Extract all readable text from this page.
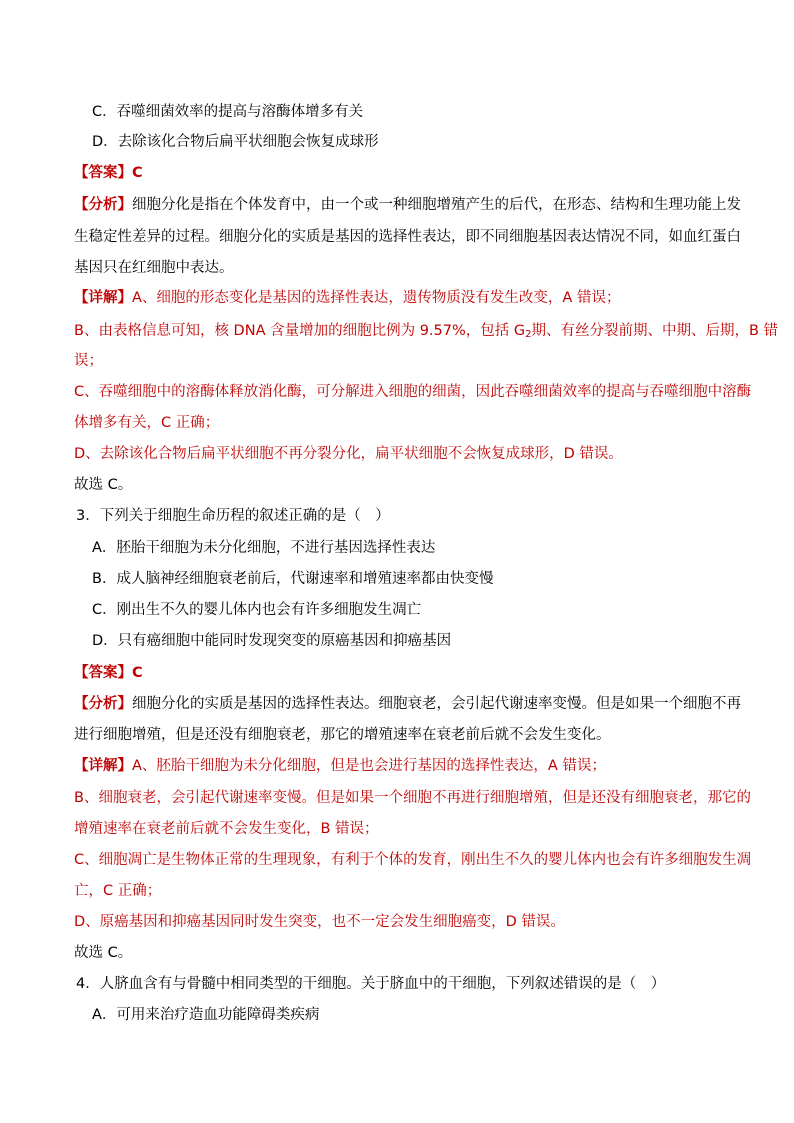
C．吞噬细菌效率的提高与溶酶体增多有关
D．去除该化合物后扁平状细胞会恢复成球形
【答案】C
【分析】细胞分化是指在个体发育中，由一个或一种细胞增殖产生的后代，在形态、结构和生理功能上发
生稳定性差异的过程。细胞分化的实质是基因的选择性表达，即不同细胞基因表达情况不同，如血红蛋白
基因只在红细胞中表达。
【详解】A、细胞的形态变化是基因的选择性表达，遗传物质没有发生改变，A 错误；
B、由表格信息可知，核 DNA 含量增加的细胞比例为 9.57%，包括 $G_2$期、有丝分裂前期、中期、后期，B 错
误；
C、吞噬细胞中的溶酶体释放消化酶，可分解进入细胞的细菌，因此吞噬细菌效率的提高与吞噬细胞中溶酶
体增多有关，C 正确；
D、去除该化合物后扁平状细胞不再分裂分化，扁平状细胞不会恢复成球形，D 错误。
故选 C。
3．下列关于细胞生命历程的叙述正确的是（　）
A．胚胎干细胞为未分化细胞，不进行基因选择性表达
B．成人脑神经细胞衰老前后，代谢速率和增殖速率都由快变慢
C．刚出生不久的婴儿体内也会有许多细胞发生凋亡
D．只有癌细胞中能同时发现突变的原癌基因和抑癌基因
【答案】C
【分析】细胞分化的实质是基因的选择性表达。细胞衰老，会引起代谢速率变慢。但是如果一个细胞不再
进行细胞增殖，但是还没有细胞衰老，那它的增殖速率在衰老前后就不会发生变化。
【详解】A、胚胎干细胞为未分化细胞，但是也会进行基因的选择性表达，A 错误；
B、细胞衰老，会引起代谢速率变慢。但是如果一个细胞不再进行细胞增殖，但是还没有细胞衰老，那它的
增殖速率在衰老前后就不会发生变化，B 错误；
C、细胞凋亡是生物体正常的生理现象，有利于个体的发育，刚出生不久的婴儿体内也会有许多细胞发生凋
亡，C 正确；
D、原癌基因和抑癌基因同时发生突变，也不一定会发生细胞癌变，D 错误。
故选 C。
4．人脐血含有与骨髓中相同类型的干细胞。关于脐血中的干细胞，下列叙述错误的是（　）
A．可用来治疗造血功能障碍类疾病
